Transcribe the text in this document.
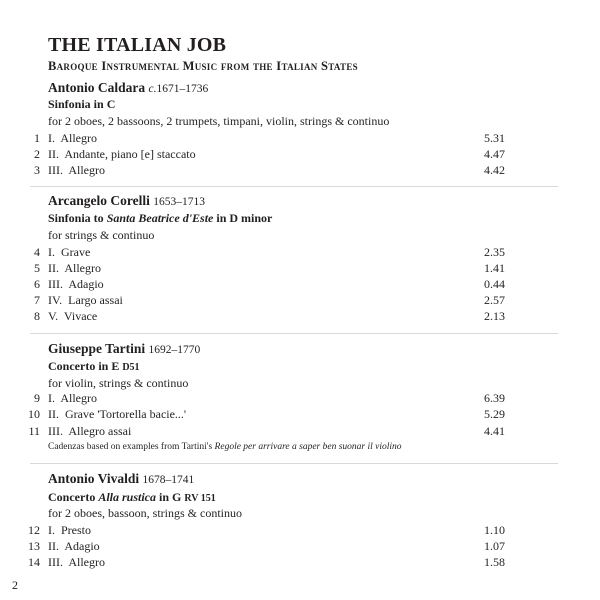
THE ITALIAN JOB
Baroque Instrumental Music from the Italian States
Antonio Caldara c.1671–1736
Sinfonia in C
for 2 oboes, 2 bassoons, 2 trumpets, timpani, violin, strings & continuo
1 I. Allegro	5.31
2 II. Andante, piano [e] staccato	4.47
3 III. Allegro	4.42
Arcangelo Corelli 1653–1713
Sinfonia to Santa Beatrice d'Este in D minor
for strings & continuo
4 I. Grave	2.35
5 II. Allegro	1.41
6 III. Adagio	0.44
7 IV. Largo assai	2.57
8 V. Vivace	2.13
Giuseppe Tartini 1692–1770
Concerto in E D51
for violin, strings & continuo
9 I. Allegro	6.39
10 II. Grave 'Tortorella bacie...'	5.29
11 III. Allegro assai	4.41
Cadenzas based on examples from Tartini's Regole per arrivare a saper ben suonar il violino
Antonio Vivaldi 1678–1741
Concerto Alla rustica in G RV 151
for 2 oboes, bassoon, strings & continuo
12 I. Presto	1.10
13 II. Adagio	1.07
14 III. Allegro	1.58
2
